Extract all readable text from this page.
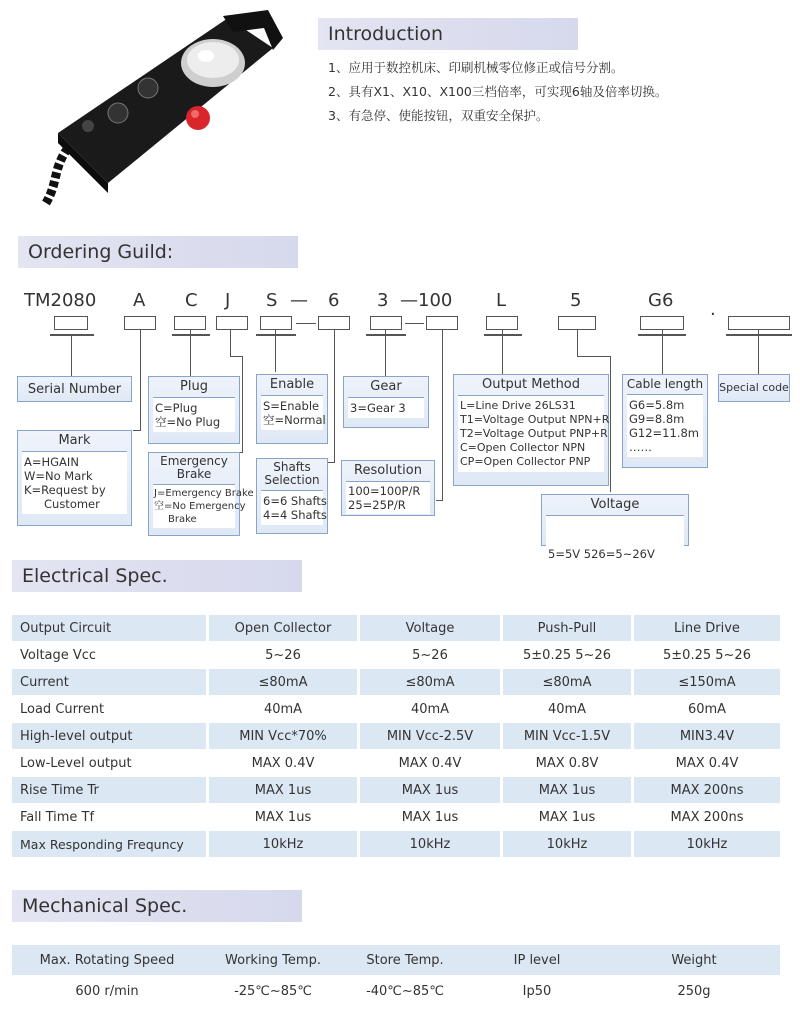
Introduction
1、应用于数控机床、印刷机械零位修正或信号分割。
2、具有X1、X10、X100三档倍率，可实现6轴及倍率切换。
3、有急停、使能按钮，双重安全保护。
Ordering Guild:
TM2080 A C J S — 6 3 —100 L	5	G6
·
Serial Number
Mark
A=HGAIN
W=No Mark
K=Request by
Customer
Plug
C=Plug
空=No Plug
Emergency Brake
J=Emergency Brake
空=No Emergency
Brake
Enable
S=Enable
空=Normal
Shafts Selection
6=6 Shafts
4=4 Shafts
Gear
3=Gear 3
Resolution
100=100P/R
25=25P/R
Output Method
L=Line Drive 26LS31
T1=Voltage Output NPN+R
T2=Voltage Output PNP+R
C=Open Collector NPN
CP=Open Collector PNP
Voltage

5=5V 526=5~26V

Cable length
G6=5.8m
G9=8.8m
G12=11.8m
……
Special code
Electrical Spec.
Output Circuit		Open Collector		Voltage		Push-Pull		Line Drive
Voltage Vcc		5~26		5~26		5±0.25 5~26		5±0.25 5~26
Current		≤80mA		≤80mA		≤80mA		≤150mA
Load Current		40mA		40mA		40mA		60mA
High-level output		MIN Vcc*70%		MIN Vcc-2.5V		MIN Vcc-1.5V		MIN3.4V
Low-Level output		MAX 0.4V		MAX 0.4V		MAX 0.8V		MAX 0.4V
Rise Time Tr		MAX 1us		MAX 1us		MAX 1us		MAX 200ns
Fall Time Tf		MAX 1us		MAX 1us		MAX 1us		MAX 200ns
Max Responding Frequncy		10kHz		10kHz		10kHz		10kHz
Mechanical Spec.
Max. Rotating Speed	Working Temp.	Store Temp.	IP level	Weight
600 r/min	-25℃~85℃	-40℃~85℃	Ip50	250g
